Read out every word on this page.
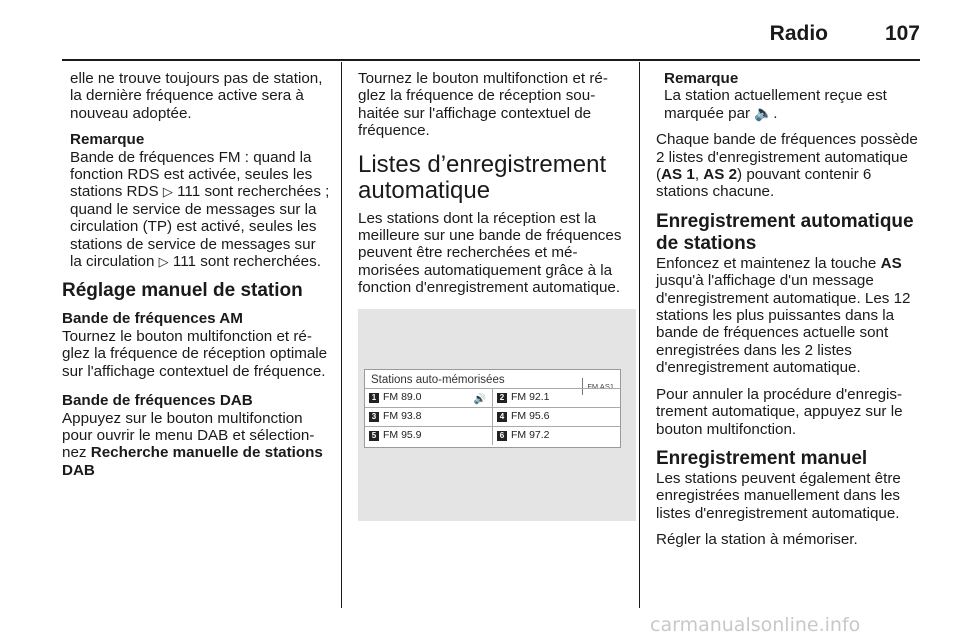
Radio	107

elle ne trouve toujours pas de station, la dernière fréquence active sera à nouveau adoptée.

Remarque

Bande de fréquences FM : quand la fonction RDS est activée, seules les stations RDS ▷ 111 sont recherchées ; quand le service de messages sur la circulation (TP) est activé, seules les stations de service de messages sur la circulation ▷ 111 sont recherchées.

Réglage manuel de station
Bande de fréquences AM

Tournez le bouton multifonction et réglez la fréquence de réception optimale sur l'affichage contextuel de fréquence.

Bande de fréquences DAB

Appuyez sur le bouton multifonction pour ouvrir le menu DAB et sélectionnez Recherche manuelle de stations DAB

Tournez le bouton multifonction et réglez la fréquence de réception souhaitée sur l'affichage contextuel de fréquence.

Listes d’enregistrement automatique

Les stations dont la réception est la meilleure sur une bande de fréquences peuvent être recherchées et mémorisées automatiquement grâce à la fonction d'enregistrement automatique.

Stations auto-mémorisées
FM AS1
1 FM 89.0	🔊	2 FM 92.1
3 FM 93.8	4 FM 95.6
5 FM 95.9	6 FM 97.2

Remarque

La station actuellement reçue est marquée par 🔈.

Chaque bande de fréquences possède 2 listes d'enregistrement automatique (AS 1, AS 2) pouvant contenir 6 stations chacune.

Enregistrement automatique de stations

Enfoncez et maintenez la touche AS jusqu'à l'affichage d'un message d'enregistrement automatique. Les 12 stations les plus puissantes dans la bande de fréquences actuelle sont enregistrées dans les 2 listes d'enregistrement automatique.

Pour annuler la procédure d'enregistrement automatique, appuyez sur le bouton multifonction.

Enregistrement manuel

Les stations peuvent également être enregistrées manuellement dans les listes d'enregistrement automatique.

Régler la station à mémoriser.

carmanualsonline.info
